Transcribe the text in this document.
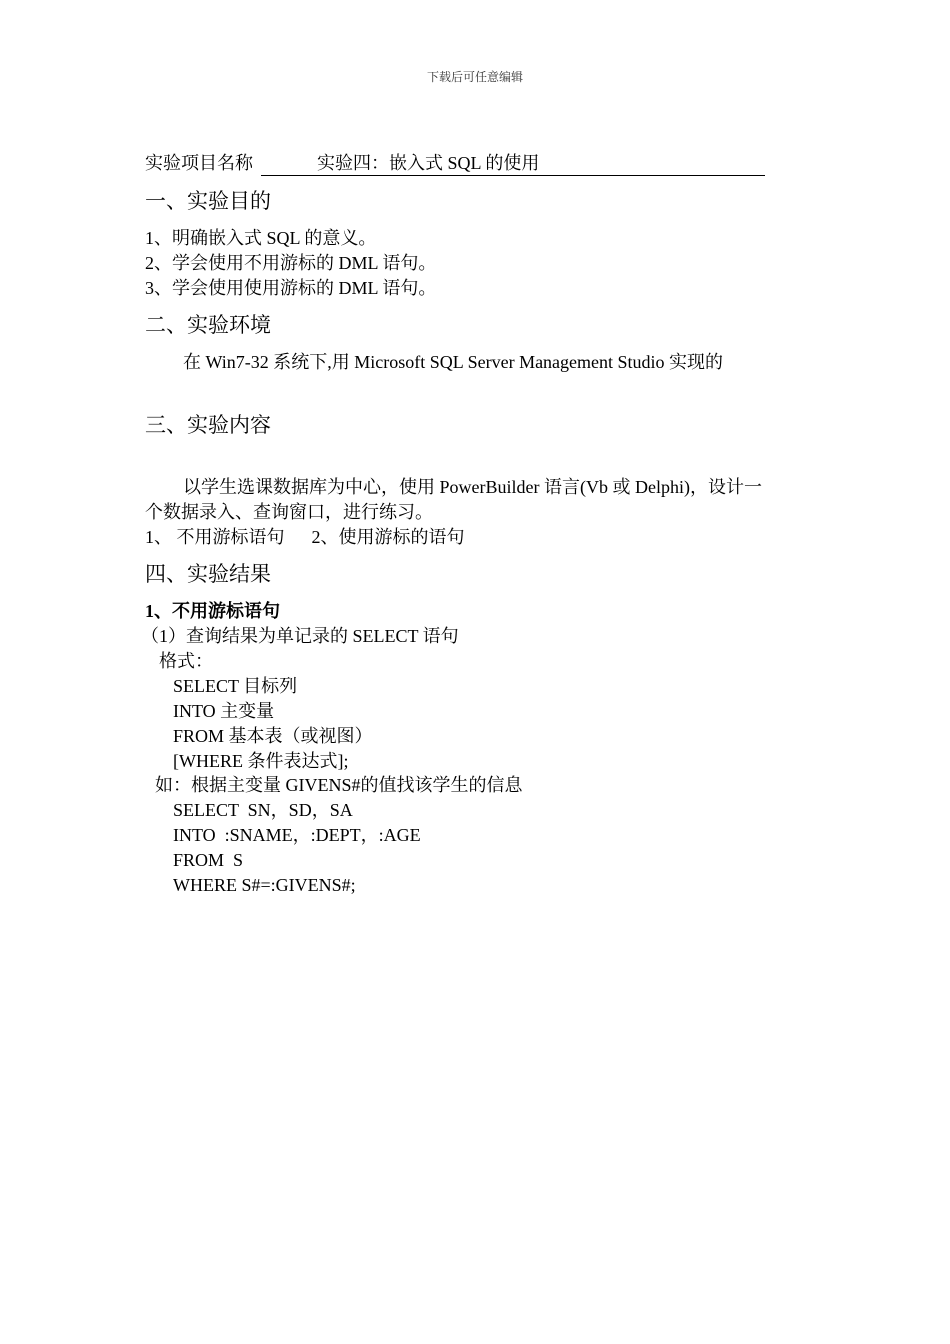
下载后可任意编辑
实验项目名称	实验四：嵌入式 SQL 的使用
一、实验目的
1、明确嵌入式 SQL 的意义。
2、学会使用不用游标的 DML 语句。
3、学会使用使用游标的 DML 语句。
二、实验环境
在 Win7-32 系统下,用 Microsoft SQL Server Management Studio 实现的
三、实验内容
以学生选课数据库为中心，使用 PowerBuilder 语言(Vb 或 Delphi)，设计一
个数据录入、查询窗口，进行练习。
1、 不用游标语句      2、使用游标的语句
四、实验结果
1、不用游标语句
（1）查询结果为单记录的 SELECT 语句
格式：
SELECT 目标列
INTO 主变量
FROM 基本表（或视图）
[WHERE 条件表达式];
如：根据主变量 GIVENS#的值找该学生的信息
SELECT  SN，SD，SA
INTO  :SNAME，:DEPT，:AGE
FROM  S
WHERE S#=:GIVENS#;
